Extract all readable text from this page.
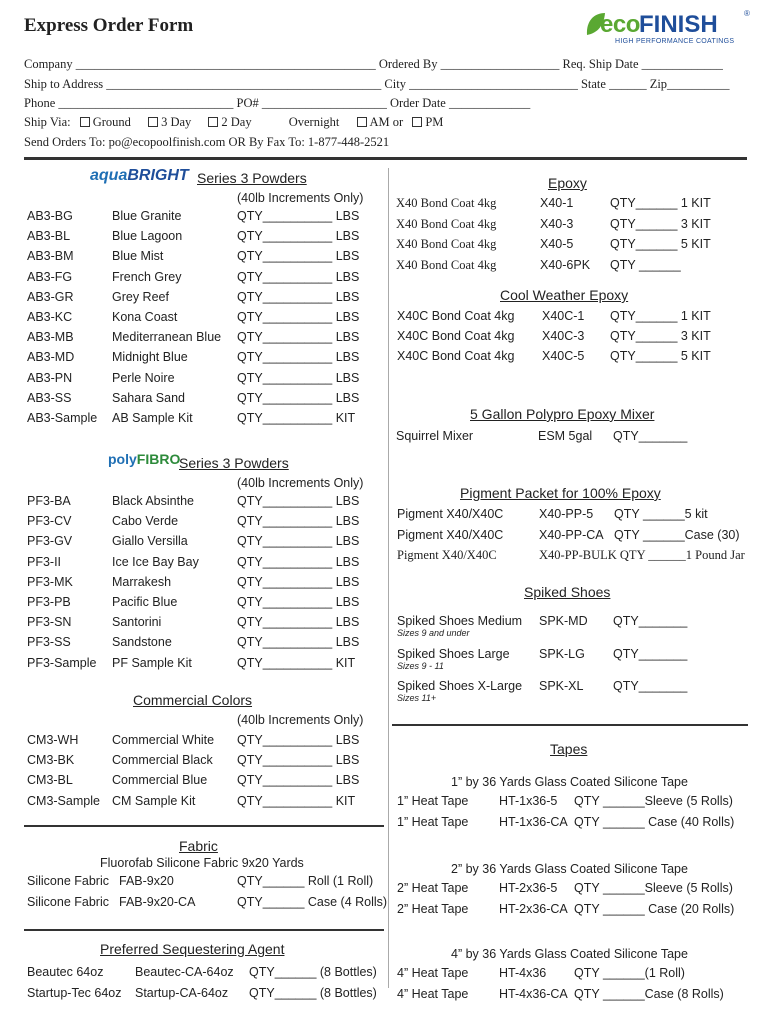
Express Order Form	eco FINISH	®
HIGH PERFORMANCE COATINGS
Company ________________________________________________ Ordered By ___________________ Req. Ship Date _____________
Ship to Address ____________________________________________ City ___________________________ State ______ Zip__________
Phone ____________________________ PO# ____________________ Order Date _____________
Ship Via: Ground 3 Day 2 Day	Overnight AM or PM
Send Orders To: po@ecopoolfinish.com OR By Fax To: 1-877-448-2521
aquaBRIGHT Series 3 Powders
(40lb Increments Only)
AB3-BG	Blue Granite	QTY__________ LBS
AB3-BL	Blue Lagoon	QTY__________ LBS
AB3-BM	Blue Mist	QTY__________ LBS
AB3-FG	French Grey	QTY__________ LBS
AB3-GR	Grey Reef	QTY__________ LBS
AB3-KC	Kona Coast	QTY__________ LBS
AB3-MB	Mediterranean Blue QTY__________ LBS
AB3-MD	Midnight Blue	QTY__________ LBS
AB3-PN	Perle Noire	QTY__________ LBS
AB3-SS	Sahara Sand	QTY__________ LBS
AB3-Sample AB Sample Kit	QTY__________ KIT
polyFIBRO
Series 3 Powders
(40lb Increments Only)
PF3-BA	Black Absinthe	QTY__________ LBS
PF3-CV	Cabo Verde	QTY__________ LBS
PF3-GV	Giallo Versilla	QTY__________ LBS
PF3-II	Ice Ice Bay Bay	QTY__________ LBS
PF3-MK	Marrakesh	QTY__________ LBS
PF3-PB	Pacific Blue	QTY__________ LBS
PF3-SN	Santorini	QTY__________ LBS
PF3-SS	Sandstone	QTY__________ LBS
PF3-Sample PF Sample Kit	QTY__________ KIT
Commercial Colors
(40lb Increments Only)
CM3-WH	Commercial White QTY__________ LBS
CM3-BK	Commercial Black QTY__________ LBS
CM3-BL	Commercial Blue QTY__________ LBS
CM3-Sample CM Sample Kit	QTY__________ KIT
Fabric
Fluorofab Silicone Fabric 9x20 Yards
Silicone Fabric FAB-9x20	QTY______ Roll (1 Roll)
Silicone Fabric FAB-9x20-CA	QTY______ Case (4 Rolls)
Preferred Sequestering Agent
Beautec 64oz	Beautec-CA-64oz QTY______ (8 Bottles)
Startup-Tec 64oz Startup-CA-64oz QTY______ (8 Bottles)
Epoxy
X40 Bond Coat 4kg	X40-1	QTY______ 1 KIT
X40 Bond Coat 4kg	X40-3	QTY______ 3 KIT
X40 Bond Coat 4kg	X40-5	QTY______ 5 KIT
X40 Bond Coat 4kg	X40-6PK QTY ______
Cool Weather Epoxy
X40C Bond Coat 4kg X40C-1 QTY______ 1 KIT
X40C Bond Coat 4kg X40C-3 QTY______ 3 KIT
X40C Bond Coat 4kg X40C-5 QTY______ 5 KIT
5 Gallon Polypro Epoxy Mixer
Squirrel Mixer	ESM 5gal QTY_______
Pigment Packet for 100% Epoxy
Pigment X40/X40C	X40-PP-5 QTY ______5 kit
Pigment X40/X40C	X40-PP-CA QTY ______Case (30)
Pigment X40/X40C	X40-PP-BULK QTY ______1 Pound Jar
Spiked Shoes
Spiked Shoes Medium SPK-MD QTY_______
Sizes 9 and under
Spiked Shoes Large SPK-LG QTY_______
Sizes 9 - 11
Spiked Shoes X-Large SPK-XL QTY_______
Sizes 11+
Tapes
1” by 36 Yards Glass Coated Silicone Tape
1” Heat Tape HT-1x36-5 QTY ______Sleeve (5 Rolls)
1” Heat Tape HT-1x36-CA QTY ______ Case (40 Rolls)
2” by 36 Yards Glass Coated Silicone Tape
2” Heat Tape HT-2x36-5 QTY ______Sleeve (5 Rolls)
2” Heat Tape HT-2x36-CA QTY ______ Case (20 Rolls)
4” by 36 Yards Glass Coated Silicone Tape
4” Heat Tape HT-4x36 QTY ______(1 Roll)
4” Heat Tape HT-4x36-CA QTY ______Case (8 Rolls)
